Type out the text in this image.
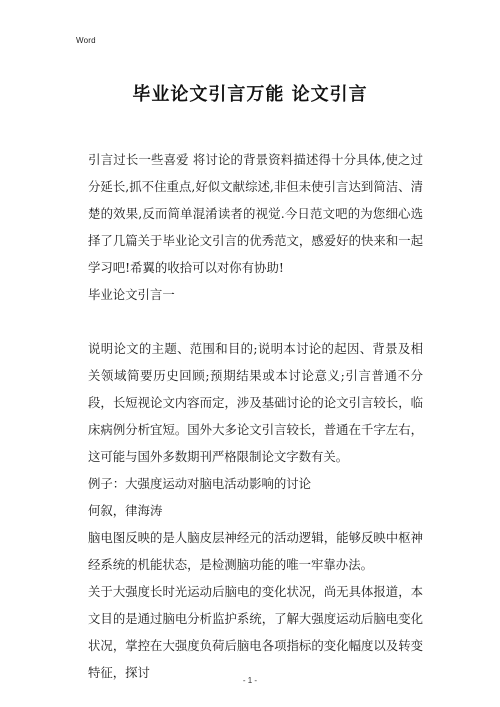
Word
毕业论文引言万能 论文引言

引言过长一些喜爱 将讨论的背景资料描述得十分具体,使之过分延长,抓不住重点,好似文献综述,非但未使引言达到简洁、清楚的效果,反而简单混淆读者的视觉.今日范文吧的为您细心选择了几篇关于毕业论文引言的优秀范文，感爱好的快来和一起学习吧!希翼的收拾可以对你有协助!

毕业论文引言一

说明论文的主题、范围和目的;说明本讨论的起因、背景及相关领域简要历史回顾;预期结果或本讨论意义;引言普通不分段，长短视论文内容而定，涉及基础讨论的论文引言较长，临床病例分析宜短。国外大多论文引言较长，普通在千字左右，这可能与国外多数期刊严格限制论文字数有关。

例子：大强度运动对脑电活动影响的讨论

何叙，律海涛

脑电图反映的是人脑皮层神经元的活动逻辑，能够反映中枢神经系统的机能状态，是检测脑功能的唯一牢靠办法。

关于大强度长时光运动后脑电的变化状况，尚无具体报道，本文目的是通过脑电分析监护系统，了解大强度运动后脑电变化状况，掌控在大强度负荷后脑电各项指标的变化幅度以及转变特征，探讨

- 1 -
